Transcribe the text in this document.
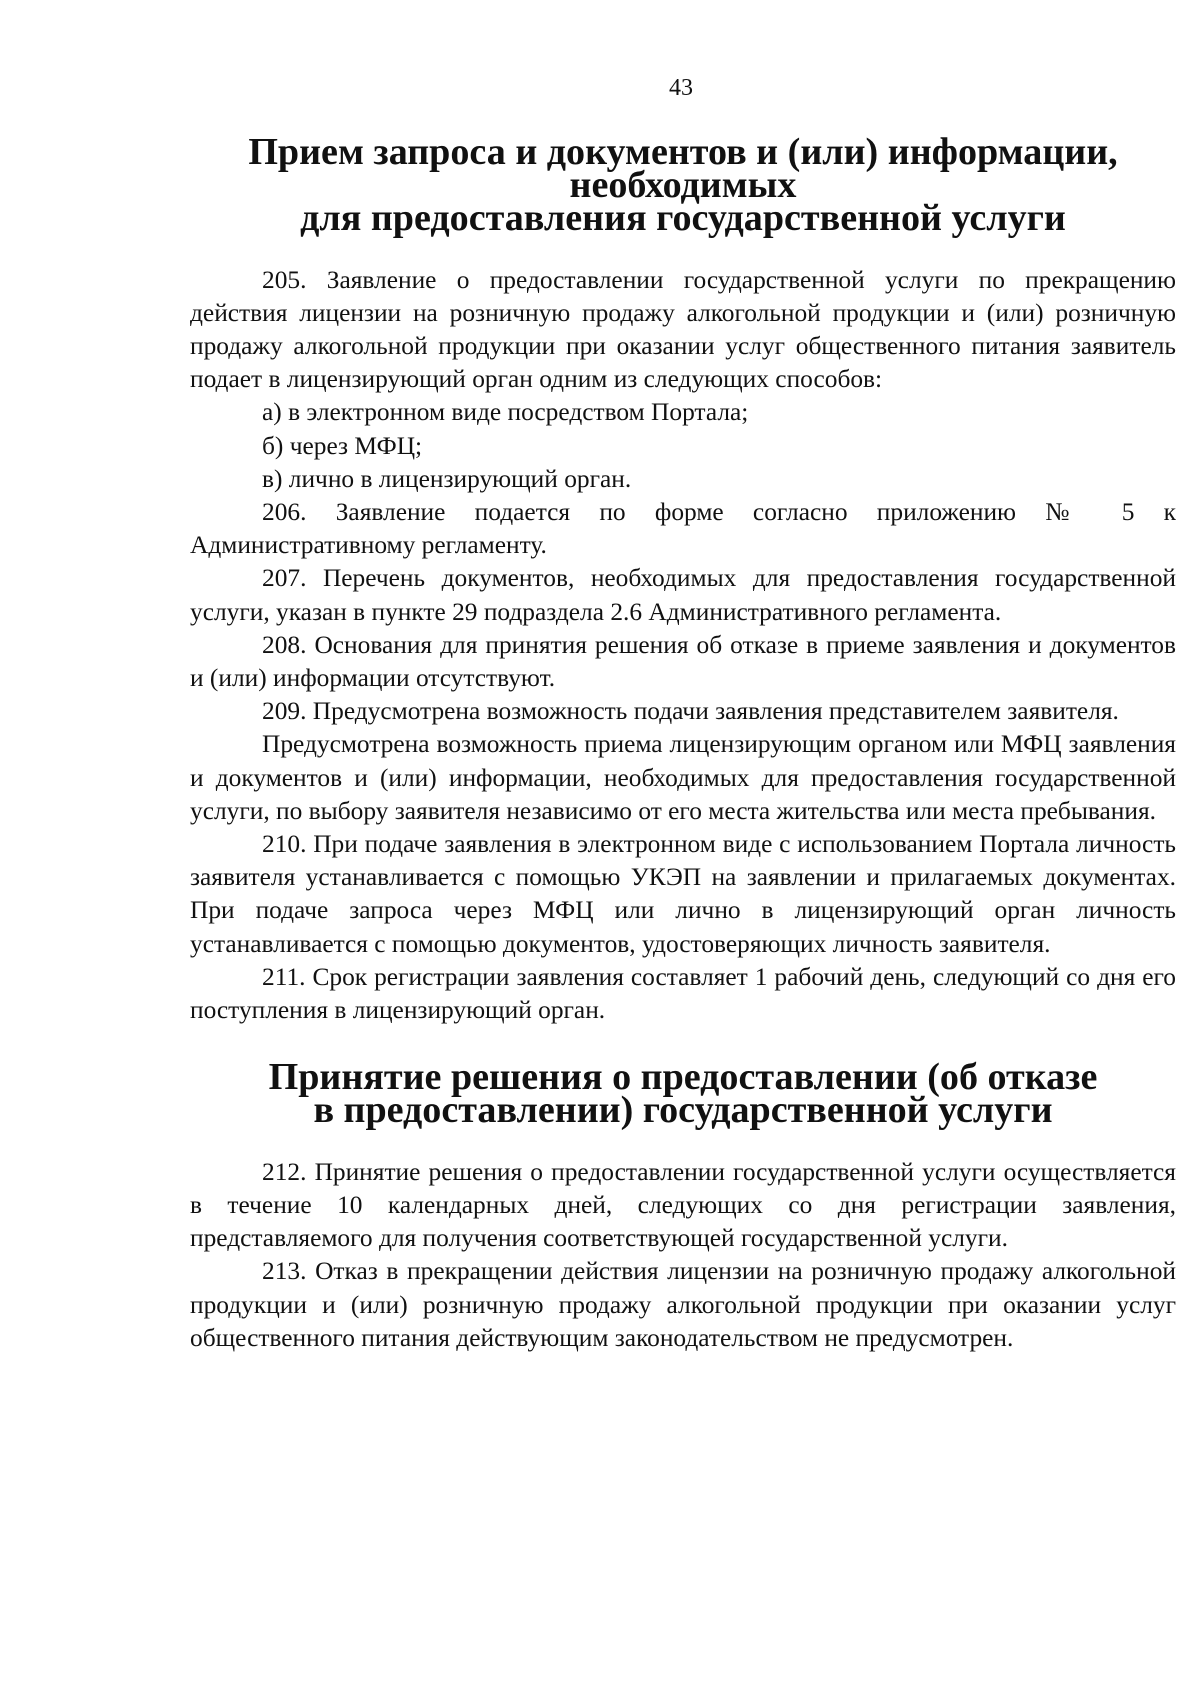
43
Прием запроса и документов и (или) информации, необходимых
для предоставления государственной услуги

205. Заявление о предоставлении государственной услуги по прекращению действия лицензии на розничную продажу алкогольной продукции и (или) розничную продажу алкогольной продукции при оказании услуг общественного питания заявитель подает в лицензирующий орган одним из следующих способов:

а) в электронном виде посредством Портала;

б) через МФЦ;

в) лично в лицензирующий орган.

206. Заявление подается по форме согласно приложению № 5 к Административному регламенту.

207. Перечень документов, необходимых для предоставления государственной услуги, указан в пункте 29 подраздела 2.6 Административного регламента.

208. Основания для принятия решения об отказе в приеме заявления и документов и (или) информации отсутствуют.

209. Предусмотрена возможность подачи заявления представителем заявителя.

Предусмотрена возможность приема лицензирующим органом или МФЦ заявления и документов и (или) информации, необходимых для предоставления государственной услуги, по выбору заявителя независимо от его места жительства или места пребывания.

210. При подаче заявления в электронном виде с использованием Портала личность заявителя устанавливается с помощью УКЭП на заявлении и прилагаемых документах. При подаче запроса через МФЦ или лично в лицензирующий орган личность устанавливается с помощью документов, удостоверяющих личность заявителя.

211. Срок регистрации заявления составляет 1 рабочий день, следующий со дня его поступления в лицензирующий орган.

Принятие решения о предоставлении (об отказе
в предоставлении) государственной услуги

212. Принятие решения о предоставлении государственной услуги осуществляется в течение 10 календарных дней, следующих со дня регистрации заявления, представляемого для получения соответствующей государственной услуги.

213. Отказ в прекращении действия лицензии на розничную продажу алкогольной продукции и (или) розничную продажу алкогольной продукции при оказании услуг общественного питания действующим законодательством не предусмотрен.
